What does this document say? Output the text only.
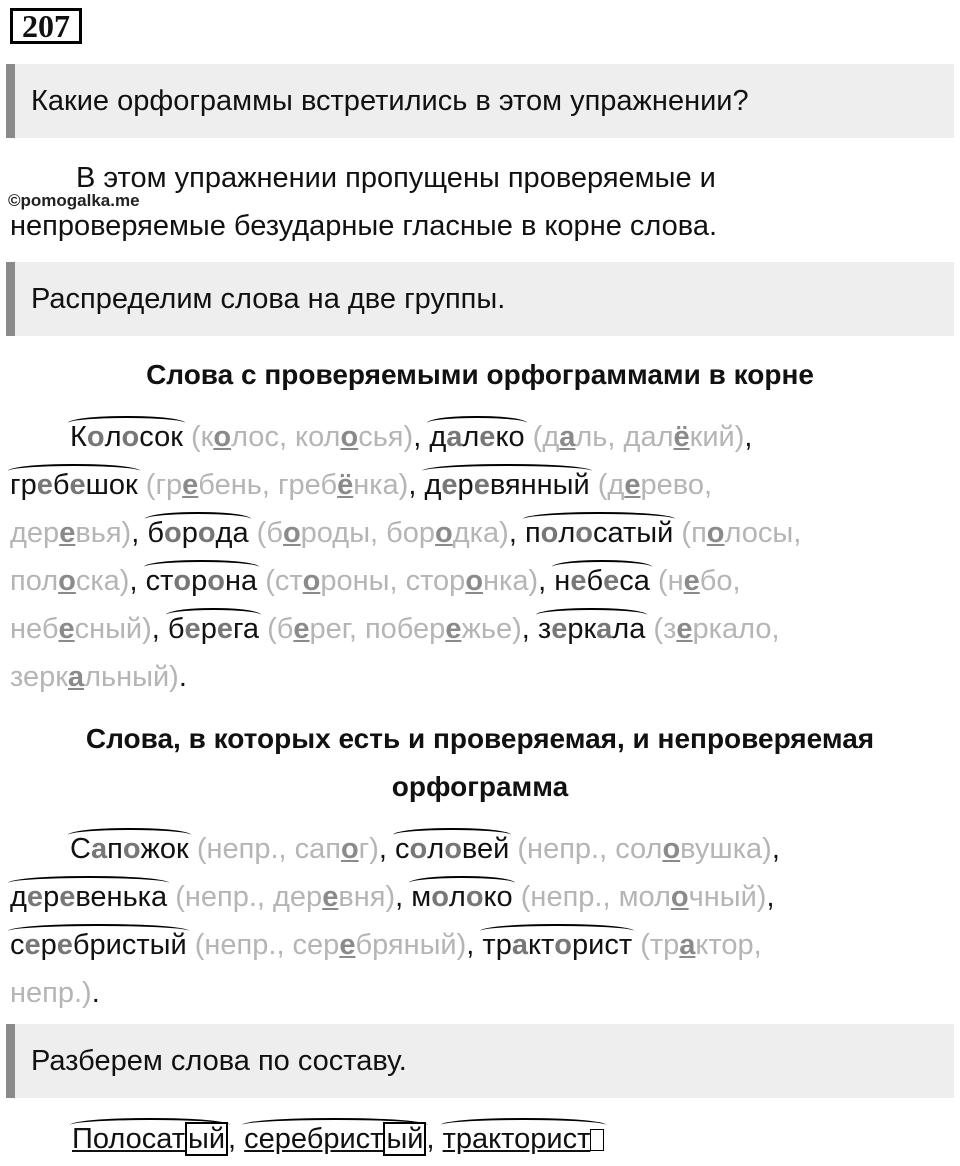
207
Какие орфограммы встретились в этом упражнении?
В этом упражнении пропущены проверяемые и
©pomogalka.me
непроверяемые безударные гласные в корне слова.
Распределим слова на две группы.
Слова с проверяемыми орфограммами в корне
Колосок (колос, колосья),
далеко (даль, далёкий),
гребешок (гребень, гребёнка),
деревянный (дерево,
деревья),
борода (бороды, бородка),
полосатый (полосы,
полоска),
сторона (стороны, сторонка),
небеса (небо,
небесный),
берега (берег, побережье),
зеркала (зеркало,
зеркальный).
Слова, в которых есть и проверяемая, и непроверяемая
орфограмма
Сапожок (непр., сапог),
соловей (непр., соловушка),
деревенька (непр., деревня),
молоко (непр., молочный),
серебристый (непр., серебряный),
тракторист (трактор,
непр.).
Разберем слова по составу.
Полосат ый ,
серебрист ый ,
тракторист
